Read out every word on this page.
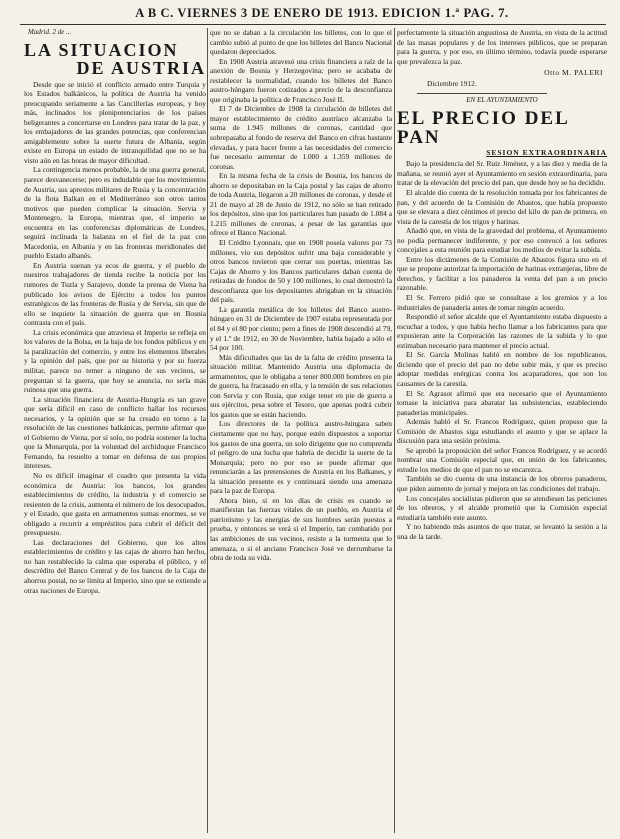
A B C. VIERNES 3 DE ENERO DE 1913. EDICION 1.ª PAG. 7.

Madrid. 2 de ...

LA SITUACION
DE AUSTRIA

Desde que se inició el conflicto armado entre Turquía y los Estados balkánicos, la política de Austria ha venido preocupando seriamente a las Cancillerías europeas, y hoy más, inclinados los plenipotenciarios de los países beligerantes a concertarse en Londres para tratar de la paz, y los embajadores de las grandes potencias, que conferencian amigablemente sobre la suerte futura de Albania, según existe en Europa un estado de intranquilidad que no se ha visto aún en las horas de mayor dificultad.

La contingencia menos probable, la de una guerra general, parece desvanecerse; pero es indudable que los movimientos de Austria, sus aprestos militares de Rusia y la concentración de la flota Balkan en el Mediterráneo son otros tantos motivos que pueden complicar la situación. Servia y Montenegro, la Europa, mientras que, el imperio se encuentra en las conferencias diplomáticas de Londres, seguirá inclinada la balanza en el fiel de la paz con Macedonia, en Albania y en las fronteras meridionales del pueblo Estado albanés.

En Austria suenan ya ecos de guerra, y el pueblo de nuestros trabajadores de tienda recibe la noticia por los rumores de Tuzla y Sarajevo, donde la prensa de Viena ha publicado los avisos de Ejército a todos los puntos estratégicos de las fronteras de Rusia y de Servia, sin que de ello se inquiete la situación de guerra que en Bosnia contrasta con el país.

La crisis económica que atraviesa el Imperio se refleja en los valores de la Bolsa, en la baja de los fondos públicos y en la paralización del comercio, y entre los elementos liberales y la opinión del país, que por su historia y por su fuerza militar, parece no temer a ninguno de sus vecinos, se preguntan si la guerra, que hoy se anuncia, no sería más ruinosa que una guerra.

La situación financiera de Austria-Hungría es tan grave que sería difícil en caso de conflicto hallar los recursos necesarios, y la opinión que se ha creado en torno a la resolución de las cuestiones balkánicas, permite afirmar que el Gobierno de Viena, por sí solo, no podría sostener la lucha que la Monarquía, por la voluntad del archiduque Francisco Fernando, ha resuelto a tomar en defensa de sus propios intereses.

No es difícil imaginar el cuadro que presenta la vida económica de Austria: los bancos, los grandes establecimientos de crédito, la industria y el comercio se resienten de la crisis, aumenta el número de los desocupados, y el Estado, que gasta en armamentos sumas enormes, se ve obligado a recurrir a empréstitos para cubrir el déficit del presupuesto.

Las declaraciones del Gobierno, que los altos establecimientos de crédito y las cajas de ahorro han hecho, no han restablecido la calma que esperaba el público, y el descrédito del Banco Central y de los bancos de la Caja de ahorros postal, no se limita al Imperio, sino que se extiende a otras naciones de Europa.

que no se daban a la circulación los billetes, con lo que el cambio subió al punto de que los billetes del Banco Nacional quedaron depreciados.

En 1908 Austria atravesó una crisis financiera a raíz de la anexión de Bosnia y Herzegovina; pero se acababa de restablecer la normalidad, cuando los billetes del Banco austro-húngaro fueron cotizados a precio de la desconfianza que originaba la política de Francisco José II.

El 7 de Diciembre de 1908 la circulación de billetes del mayor establecimiento de crédito austríaco alcanzaba la suma de 1.945 millones de coronas, cantidad que sobrepasaba al fondo de reserva del Banco en cifras bastante elevadas, y para hacer frente a las necesidades del comercio fue necesario aumentar de 1.000 a 1.359 millones de coronas.

En la misma fecha de la crisis de Bosnia, los bancos de ahorro se depositaban en la Caja postal y las cajas de ahorro de toda Austria, llegaron a 20 millones de coronas, y desde el 21 de mayo al 28 de Junio de 1912, no sólo se han retirado los depósitos, sino que los particulares han pasado de 1.084 a 1.215 millones de coronas, a pesar de las garantías que ofrece el Banco Nacional.

El Crédito Lyonnais, que en 1908 poseía valores por 73 millones, vio sus depósitos sufrir una baja considerable y otros bancos tuvieron que cerrar sus puertas, mientras las Cajas de Ahorro y los Bancos particulares daban cuenta de retiradas de fondos de 50 y 100 millones, lo cual demostró la desconfianza que los depositantes abrigaban en la situación del país.

La garantía metálica de los billetes del Banco austro-húngaro en 31 de Diciembre de 1907 estaba representada por el 84 y el 80 por ciento; pero a fines de 1908 descendió al 79, y el 1.º de 1912, en 30 de Noviembre, había bajado a sólo el 54 por 100.

Más dificultades que las de la falta de crédito presenta la situación militar. Mantenido Austria una diplomacia de armamentos, que le obligaba a tener 800.000 hombres en pie de guerra, ha fracasado en ella, y la tensión de sus relaciones con Servia y con Rusia, que exige tener en pie de guerra a sus ejércitos, pesa sobre el Tesoro, que apenas podrá cubrir los gastos que se están haciendo.

Los directores de la política austro-húngara saben ciertamente que no hay, porque estén dispuestos a soportar los gastos de una guerra, un solo dirigente que no comprenda el peligro de una lucha que habría de decidir la suerte de la Monarquía; pero no por eso se puede afirmar que renunciarán a las pretensiones de Austria en los Balkanes, y la situación presente es y continuará siendo una amenaza para la paz de Europa.

Ahora bien, si en los días de crisis es cuando se manifiestan las fuerzas vitales de un pueblo, en Austria el patriotismo y las energías de sus hombres serán puestos a prueba, y entonces se verá si el Imperio, tan combatido por las ambiciones de sus vecinos, resiste a la tormenta que lo amenaza, o si el anciano Francisco José ve derrumbarse la obra de toda su vida.

perfectamente la situación angustiosa de Austria, en vista de la actitud de las masas populares y de los intereses públicos, que se preparan para la guerra, y por eso, en último término, todavía puede esperarse que prevalezca la paz.

Otto M. PALERI

Diciembre 1912.

EN EL AYUNTAMIENTO

EL PRECIO DEL PAN

SESION EXTRAORDINARIA

Bajo la presidencia del Sr. Ruiz Jiménez, y a las diez y media de la mañana, se reunió ayer el Ayuntamiento en sesión extraordinaria, para tratar de la elevación del precio del pan, que desde hoy se ha decidido.

El alcalde dio cuenta de la resolución tomada por los fabricantes de pan, y del acuerdo de la Comisión de Abastos, que había propuesto que se elevara a diez céntimos el precio del kilo de pan de primera, en vista de la carestía de los trigos y harinas.

Añadió que, en vista de la gravedad del problema, el Ayuntamiento no podía permanecer indiferente, y por eso convocó a los señores concejales a esta reunión para estudiar los medios de evitar la subida.

Entre los dictámenes de la Comisión de Abastos figura uno en el que se propone autorizar la importación de harinas extranjeras, libre de derechos, y facilitar a los panaderos la venta del pan a un precio razonable.

El Sr. Ferrero pidió que se consultase a los gremios y a los industriales de panadería antes de tomar ningún acuerdo.

Respondió el señor alcalde que el Ayuntamiento estaba dispuesto a escuchar a todos, y que había hecho llamar a los fabricantes para que expusieran ante la Corporación las razones de la subida y lo que estimaban necesario para mantener el precio actual.

El Sr. García Molinas habló en nombre de los republicanos, diciendo que el precio del pan no debe subir más, y que es preciso adoptar medidas enérgicas contra los acaparadores, que son los causantes de la carestía.

El Sr. Agrasot afirmó que era necesario que el Ayuntamiento tomase la iniciativa para abaratar las subsistencias, estableciendo panaderías municipales.

Además habló el Sr. Francos Rodríguez, quien propuso que la Comisión de Abastos siga estudiando el asunto y que se aplace la discusión para una sesión próxima.

Se aprobó la proposición del señor Francos Rodríguez, y se acordó nombrar una Comisión especial que, en unión de los fabricantes, estudie los medios de que el pan no se encarezca.

También se dio cuenta de una instancia de los obreros panaderos, que piden aumento de jornal y mejora en las condiciones del trabajo.

Los concejales socialistas pidieron que se atendiesen las peticiones de los obreros, y el alcalde prometió que la Comisión especial estudiaría también este asunto.

Y no habiendo más asuntos de que tratar, se levantó la sesión a la una de la tarde.
